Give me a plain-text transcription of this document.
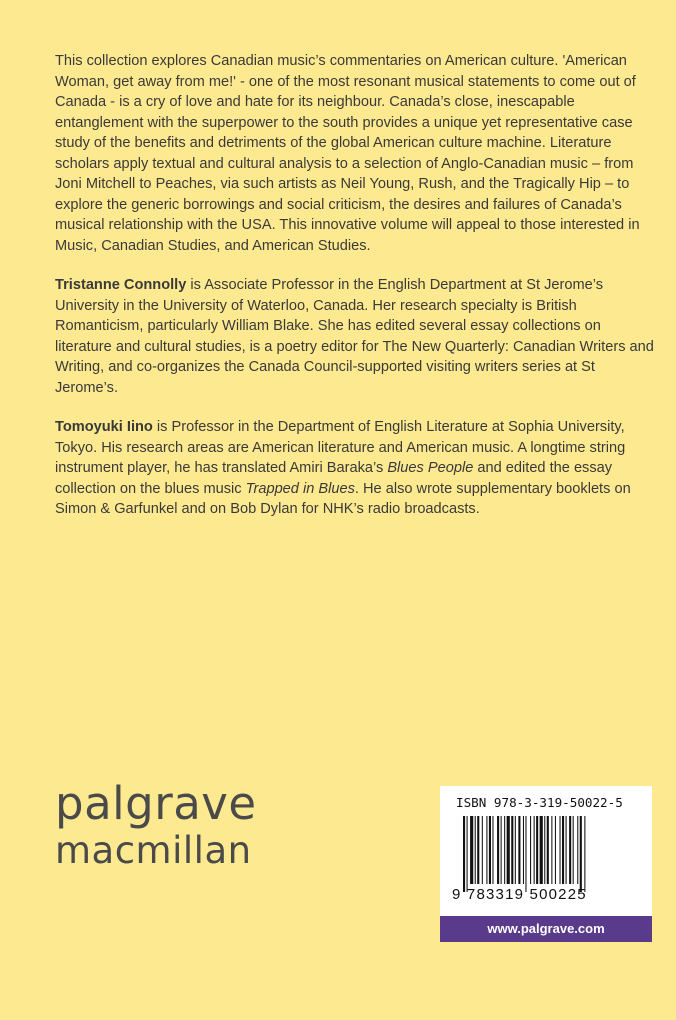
This collection explores Canadian music’s commentaries on American culture. 'American Woman, get away from me!' - one of the most resonant musical statements to come out of Canada - is a cry of love and hate for its neighbour. Canada’s close, inescapable entanglement with the superpower to the south provides a unique yet representative case study of the benefits and detriments of the global American culture machine. Literature scholars apply textual and cultural analysis to a selection of Anglo-Canadian music – from Joni Mitchell to Peaches, via such artists as Neil Young, Rush, and the Tragically Hip – to explore the generic borrowings and social criticism, the desires and failures of Canada’s musical relationship with the USA. This innovative volume will appeal to those interested in Music, Canadian Studies, and American Studies.

Tristanne Connolly is Associate Professor in the English Department at St Jerome’s University in the University of Waterloo, Canada. Her research specialty is British Romanticism, particularly William Blake. She has edited several essay collections on literature and cultural studies, is a poetry editor for The New Quarterly: Canadian Writers and Writing, and co-organizes the Canada Council-supported visiting writers series at St Jerome’s.

Tomoyuki Iino is Professor in the Department of English Literature at Sophia University, Tokyo. His research areas are American literature and American music. A longtime string instrument player, he has translated Amiri Baraka’s Blues People and edited the essay collection on the blues music Trapped in Blues. He also wrote supplementary booklets on Simon & Garfunkel and on Bob Dylan for NHK’s radio broadcasts.

palgrave
macmillan
ISBN 978-3-319-50022-5
9 783319 500225
www.palgrave.com
